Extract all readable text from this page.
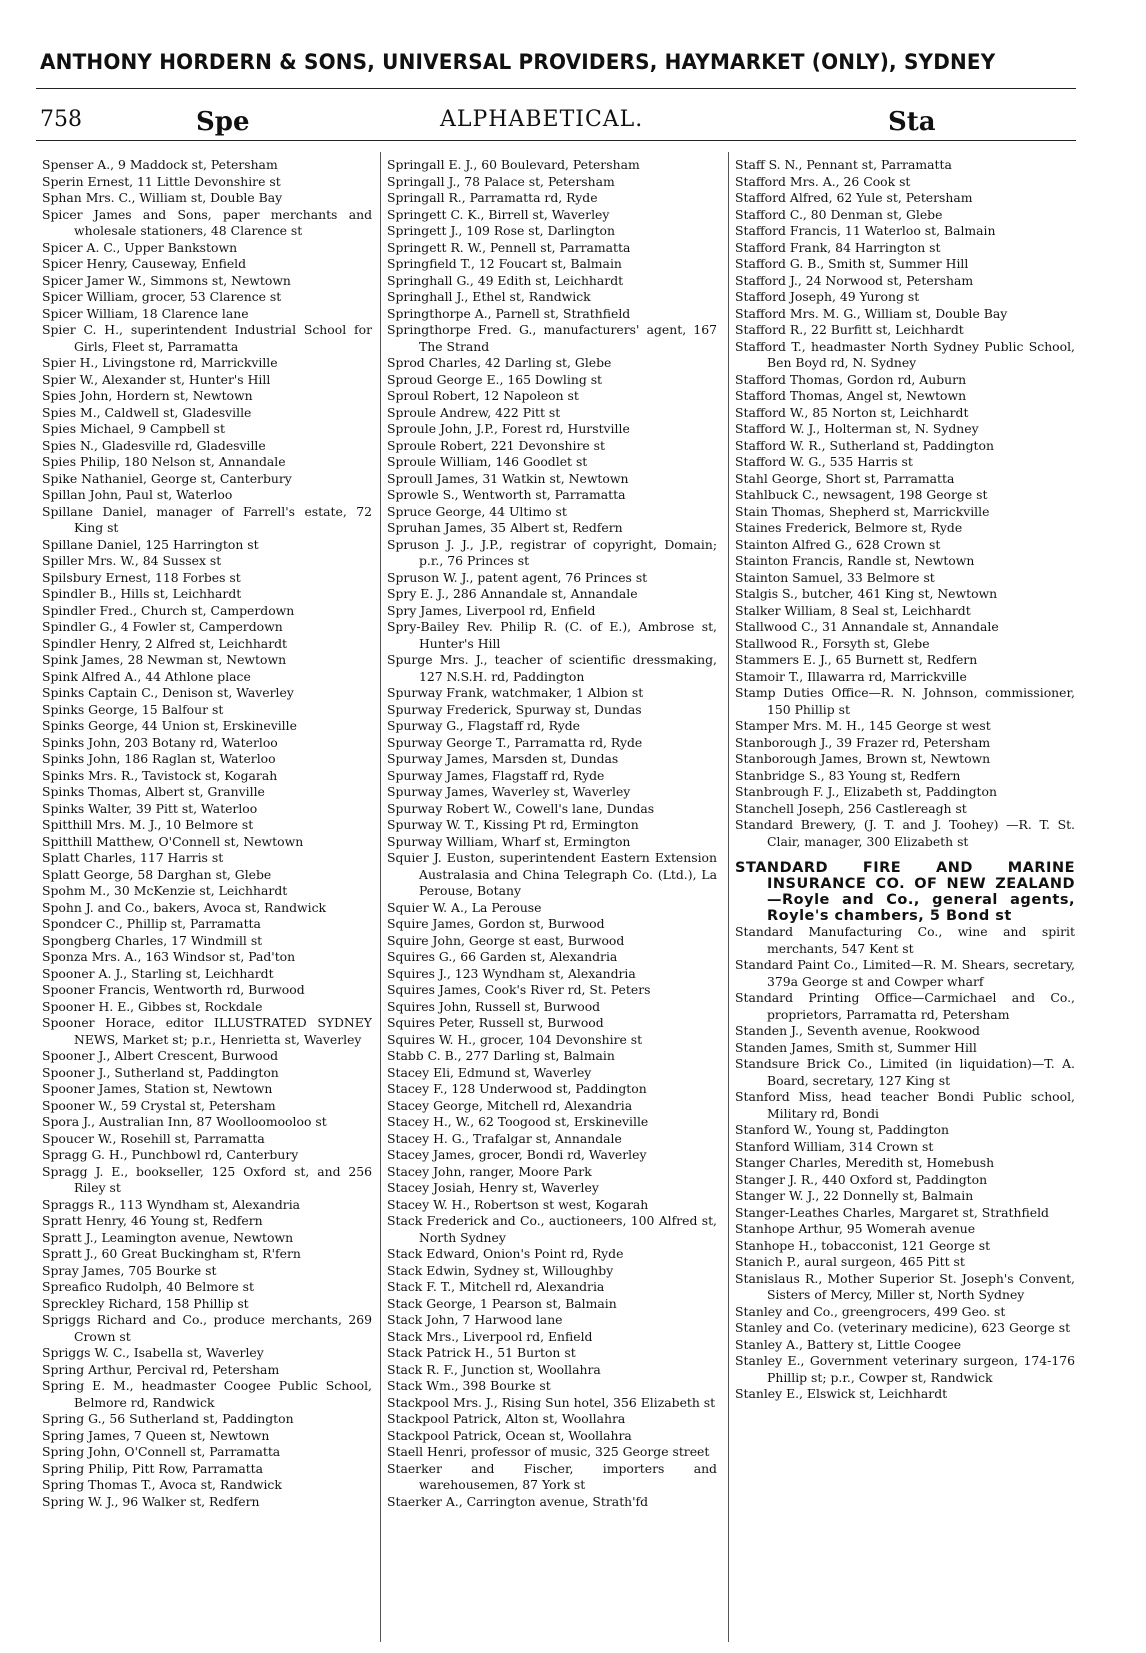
ANTHONY HORDERN & SONS, UNIVERSAL PROVIDERS, HAYMARKET (ONLY), SYDNEY
758	Spe	ALPHABETICAL.	Sta

Spenser A., 9 Maddock st, Petersham

Sperin Ernest, 11 Little Devonshire st

Sphan Mrs. C., William st, Double Bay

Spicer James and Sons, paper merchants and wholesale stationers, 48 Clarence st

Spicer A. C., Upper Bankstown

Spicer Henry, Causeway, Enfield

Spicer Jamer W., Simmons st, Newtown

Spicer William, grocer, 53 Clarence st

Spicer William, 18 Clarence lane

Spier C. H., superintendent Industrial School for Girls, Fleet st, Parramatta

Spier H., Livingstone rd, Marrickville

Spier W., Alexander st, Hunter's Hill

Spies John, Hordern st, Newtown

Spies M., Caldwell st, Gladesville

Spies Michael, 9 Campbell st

Spies N., Gladesville rd, Gladesville

Spies Philip, 180 Nelson st, Annandale

Spike Nathaniel, George st, Canterbury

Spillan John, Paul st, Waterloo

Spillane Daniel, manager of Farrell's estate, 72 King st

Spillane Daniel, 125 Harrington st

Spiller Mrs. W., 84 Sussex st

Spilsbury Ernest, 118 Forbes st

Spindler B., Hills st, Leichhardt

Spindler Fred., Church st, Camperdown

Spindler G., 4 Fowler st, Camperdown

Spindler Henry, 2 Alfred st, Leichhardt

Spink James, 28 Newman st, Newtown

Spink Alfred A., 44 Athlone place

Spinks Captain C., Denison st, Waverley

Spinks George, 15 Balfour st

Spinks George, 44 Union st, Erskineville

Spinks John, 203 Botany rd, Waterloo

Spinks John, 186 Raglan st, Waterloo

Spinks Mrs. R., Tavistock st, Kogarah

Spinks Thomas, Albert st, Granville

Spinks Walter, 39 Pitt st, Waterloo

Spitthill Mrs. M. J., 10 Belmore st

Spitthill Matthew, O'Connell st, Newtown

Splatt Charles, 117 Harris st

Splatt George, 58 Darghan st, Glebe

Spohm M., 30 McKenzie st, Leichhardt

Spohn J. and Co., bakers, Avoca st, Randwick

Spondcer C., Phillip st, Parramatta

Spongberg Charles, 17 Windmill st

Sponza Mrs. A., 163 Windsor st, Pad'ton

Spooner A. J., Starling st, Leichhardt

Spooner Francis, Wentworth rd, Burwood

Spooner H. E., Gibbes st, Rockdale

Spooner Horace, editor ILLUSTRATED SYDNEY NEWS, Market st; p.r., Henrietta st, Waverley

Spooner J., Albert Crescent, Burwood

Spooner J., Sutherland st, Paddington

Spooner James, Station st, Newtown

Spooner W., 59 Crystal st, Petersham

Spora J., Australian Inn, 87 Woolloomooloo st

Spoucer W., Rosehill st, Parramatta

Spragg G. H., Punchbowl rd, Canterbury

Spragg J. E., bookseller, 125 Oxford st, and 256 Riley st

Spraggs R., 113 Wyndham st, Alexandria

Spratt Henry, 46 Young st, Redfern

Spratt J., Leamington avenue, Newtown

Spratt J., 60 Great Buckingham st, R'fern

Spray James, 705 Bourke st

Spreafico Rudolph, 40 Belmore st

Spreckley Richard, 158 Phillip st

Spriggs Richard and Co., produce merchants, 269 Crown st

Spriggs W. C., Isabella st, Waverley

Spring Arthur, Percival rd, Petersham

Spring E. M., headmaster Coogee Public School, Belmore rd, Randwick

Spring G., 56 Sutherland st, Paddington

Spring James, 7 Queen st, Newtown

Spring John, O'Connell st, Parramatta

Spring Philip, Pitt Row, Parramatta

Spring Thomas T., Avoca st, Randwick

Spring W. J., 96 Walker st, Redfern

Springall E. J., 60 Boulevard, Petersham

Springall J., 78 Palace st, Petersham

Springall R., Parramatta rd, Ryde

Springett C. K., Birrell st, Waverley

Springett J., 109 Rose st, Darlington

Springett R. W., Pennell st, Parramatta

Springfield T., 12 Foucart st, Balmain

Springhall G., 49 Edith st, Leichhardt

Springhall J., Ethel st, Randwick

Springthorpe A., Parnell st, Strathfield

Springthorpe Fred. G., manufacturers' agent, 167 The Strand

Sprod Charles, 42 Darling st, Glebe

Sproud George E., 165 Dowling st

Sproul Robert, 12 Napoleon st

Sproule Andrew, 422 Pitt st

Sproule John, J.P., Forest rd, Hurstville

Sproule Robert, 221 Devonshire st

Sproule William, 146 Goodlet st

Sproull James, 31 Watkin st, Newtown

Sprowle S., Wentworth st, Parramatta

Spruce George, 44 Ultimo st

Spruhan James, 35 Albert st, Redfern

Spruson J. J., J.P., registrar of copyright, Domain; p.r., 76 Princes st

Spruson W. J., patent agent, 76 Princes st

Spry E. J., 286 Annandale st, Annandale

Spry James, Liverpool rd, Enfield

Spry-Bailey Rev. Philip R. (C. of E.), Ambrose st, Hunter's Hill

Spurge Mrs. J., teacher of scientific dressmaking, 127 N.S.H. rd, Paddington

Spurway Frank, watchmaker, 1 Albion st

Spurway Frederick, Spurway st, Dundas

Spurway G., Flagstaff rd, Ryde

Spurway George T., Parramatta rd, Ryde

Spurway James, Marsden st, Dundas

Spurway James, Flagstaff rd, Ryde

Spurway James, Waverley st, Waverley

Spurway Robert W., Cowell's lane, Dundas

Spurway W. T., Kissing Pt rd, Ermington

Spurway William, Wharf st, Ermington

Squier J. Euston, superintendent Eastern Extension Australasia and China Telegraph Co. (Ltd.), La Perouse, Botany

Squier W. A., La Perouse

Squire James, Gordon st, Burwood

Squire John, George st east, Burwood

Squires G., 66 Garden st, Alexandria

Squires J., 123 Wyndham st, Alexandria

Squires James, Cook's River rd, St. Peters

Squires John, Russell st, Burwood

Squires Peter, Russell st, Burwood

Squires W. H., grocer, 104 Devonshire st

Stabb C. B., 277 Darling st, Balmain

Stacey Eli, Edmund st, Waverley

Stacey F., 128 Underwood st, Paddington

Stacey George, Mitchell rd, Alexandria

Stacey H., W., 62 Toogood st, Erskineville

Stacey H. G., Trafalgar st, Annandale

Stacey James, grocer, Bondi rd, Waverley

Stacey John, ranger, Moore Park

Stacey Josiah, Henry st, Waverley

Stacey W. H., Robertson st west, Kogarah

Stack Frederick and Co., auctioneers, 100 Alfred st, North Sydney

Stack Edward, Onion's Point rd, Ryde

Stack Edwin, Sydney st, Willoughby

Stack F. T., Mitchell rd, Alexandria

Stack George, 1 Pearson st, Balmain

Stack John, 7 Harwood lane

Stack Mrs., Liverpool rd, Enfield

Stack Patrick H., 51 Burton st

Stack R. F., Junction st, Woollahra

Stack Wm., 398 Bourke st

Stackpool Mrs. J., Rising Sun hotel, 356 Elizabeth st

Stackpool Patrick, Alton st, Woollahra

Stackpool Patrick, Ocean st, Woollahra

Staell Henri, professor of music, 325 George street

Staerker and Fischer, importers and warehousemen, 87 York st

Staerker A., Carrington avenue, Strath'fd

Staff S. N., Pennant st, Parramatta

Stafford Mrs. A., 26 Cook st

Stafford Alfred, 62 Yule st, Petersham

Stafford C., 80 Denman st, Glebe

Stafford Francis, 11 Waterloo st, Balmain

Stafford Frank, 84 Harrington st

Stafford G. B., Smith st, Summer Hill

Stafford J., 24 Norwood st, Petersham

Stafford Joseph, 49 Yurong st

Stafford Mrs. M. G., William st, Double Bay

Stafford R., 22 Burfitt st, Leichhardt

Stafford T., headmaster North Sydney Public School, Ben Boyd rd, N. Sydney

Stafford Thomas, Gordon rd, Auburn

Stafford Thomas, Angel st, Newtown

Stafford W., 85 Norton st, Leichhardt

Stafford W. J., Holterman st, N. Sydney

Stafford W. R., Sutherland st, Paddington

Stafford W. G., 535 Harris st

Stahl George, Short st, Parramatta

Stahlbuck C., newsagent, 198 George st

Stain Thomas, Shepherd st, Marrickville

Staines Frederick, Belmore st, Ryde

Stainton Alfred G., 628 Crown st

Stainton Francis, Randle st, Newtown

Stainton Samuel, 33 Belmore st

Stalgis S., butcher, 461 King st, Newtown

Stalker William, 8 Seal st, Leichhardt

Stallwood C., 31 Annandale st, Annandale

Stallwood R., Forsyth st, Glebe

Stammers E. J., 65 Burnett st, Redfern

Stamoir T., Illawarra rd, Marrickville

Stamp Duties Office—R. N. Johnson, commissioner, 150 Phillip st

Stamper Mrs. M. H., 145 George st west

Stanborough J., 39 Frazer rd, Petersham

Stanborough James, Brown st, Newtown

Stanbridge S., 83 Young st, Redfern

Stanbrough F. J., Elizabeth st, Paddington

Stanchell Joseph, 256 Castlereagh st

Standard Brewery, (J. T. and J. Toohey) —R. T. St. Clair, manager, 300 Elizabeth st

STANDARD FIRE AND MARINE INSURANCE CO. OF NEW ZEALAND—Royle and Co., general agents, Royle's chambers, 5 Bond st

Standard Manufacturing Co., wine and spirit merchants, 547 Kent st

Standard Paint Co., Limited—R. M. Shears, secretary, 379a George st and Cowper wharf

Standard Printing Office—Carmichael and Co., proprietors, Parramatta rd, Petersham

Standen J., Seventh avenue, Rookwood

Standen James, Smith st, Summer Hill

Standsure Brick Co., Limited (in liquidation)—T. A. Board, secretary, 127 King st

Stanford Miss, head teacher Bondi Public school, Military rd, Bondi

Stanford W., Young st, Paddington

Stanford William, 314 Crown st

Stanger Charles, Meredith st, Homebush

Stanger J. R., 440 Oxford st, Paddington

Stanger W. J., 22 Donnelly st, Balmain

Stanger-Leathes Charles, Margaret st, Strathfield

Stanhope Arthur, 95 Womerah avenue

Stanhope H., tobacconist, 121 George st

Stanich P., aural surgeon, 465 Pitt st

Stanislaus R., Mother Superior St. Joseph's Convent, Sisters of Mercy, Miller st, North Sydney

Stanley and Co., greengrocers, 499 Geo. st

Stanley and Co. (veterinary medicine), 623 George st

Stanley A., Battery st, Little Coogee

Stanley E., Government veterinary surgeon, 174-176 Phillip st; p.r., Cowper st, Randwick

Stanley E., Elswick st, Leichhardt
